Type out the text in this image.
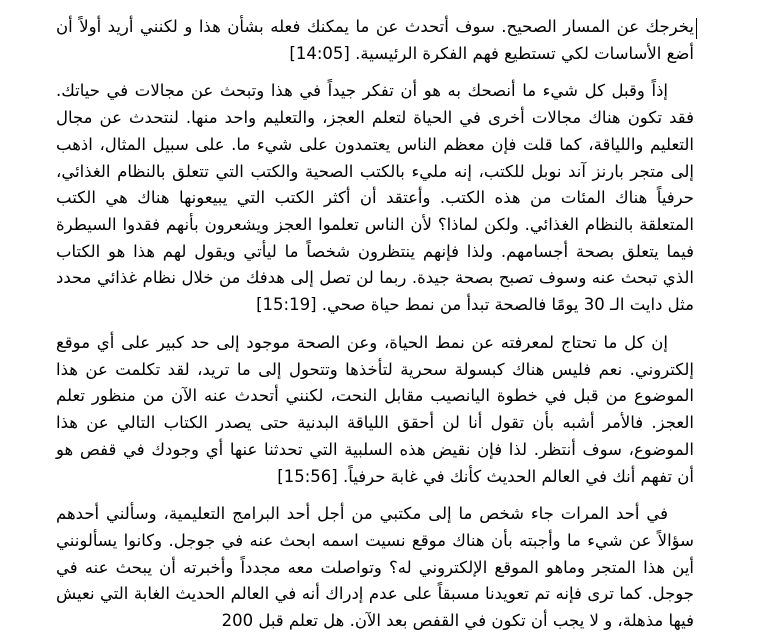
يخرجك عن المسار الصحيح. سوف أتحدث عن ما يمكنك فعله بشأن هذا و لكنني أريد أولاً أن أضع الأساسات لكي تستطيع فهم الفكرة الرئيسية. [14:05]

إذاً وقبل كل شيء ما أنصحك به هو أن تفكر جيداً في هذا وتبحث عن مجالات في حياتك. فقد تكون هناك مجالات أخرى في الحياة لتعلم العجز، والتعليم واحد منها. لنتحدث عن مجال التعليم واللياقة، كما قلت فإن معظم الناس يعتمدون على شيء ما. على سبيل المثال، اذهب إلى متجر بارنز آند نوبل للكتب، إنه مليء بالكتب الصحية والكتب التي تتعلق بالنظام الغذائي، حرفياً هناك المئات من هذه الكتب. وأعتقد أن أكثر الكتب التي يبيعونها هناك هي الكتب المتعلقة بالنظام الغذائي. ولكن لماذا؟ لأن الناس تعلموا العجز ويشعرون بأنهم فقدوا السيطرة فيما يتعلق بصحة أجسامهم. ولذا فإنهم ينتظرون شخصاً ما ليأتي ويقول لهم هذا هو الكتاب الذي تبحث عنه وسوف تصبح بصحة جيدة. ربما لن تصل إلى هدفك من خلال نظام غذائي محدد مثل دايت الـ 30 يومًا فالصحة تبدأ من نمط حياة صحي. [15:19]

إن كل ما تحتاج لمعرفته عن نمط الحياة، وعن الصحة موجود إلى حد كبير على أي موقع إلكتروني. نعم فليس هناك كبسولة سحرية لتأخذها وتتحول إلى ما تريد، لقد تكلمت عن هذا الموضوع من قبل في خطوة اليانصيب مقابل النحت، لكنني أتحدث عنه الآن من منظور تعلم العجز. فالأمر أشبه بأن تقول أنا لن أحقق اللياقة البدنية حتى يصدر الكتاب التالي عن هذا الموضوع، سوف أنتظر. لذا فإن نقيض هذه السلبية التي تحدثنا عنها أي وجودك في قفص هو أن تفهم أنك في العالم الحديث كأنك في غابة حرفياً. [15:56]

في أحد المرات جاء شخص ما إلى مكتبي من أجل أحد البرامج التعليمية، وسألني أحدهم سؤالاً عن شيء ما وأجبته بأن هناك موقع نسيت اسمه ابحث عنه في جوجل. وكانوا يسألونني أين هذا المتجر وماهو الموقع الإلكتروني له؟ وتواصلت معه مجدداً وأخبرته أن يبحث عنه في جوجل. كما ترى فإنه تم تعويدنا مسبقاً على عدم إدراك أنه في العالم الحديث الغابة التي نعيش فيها مذهلة، و لا يجب أن تكون في القفص بعد الآن. هل تعلم قبل 200
